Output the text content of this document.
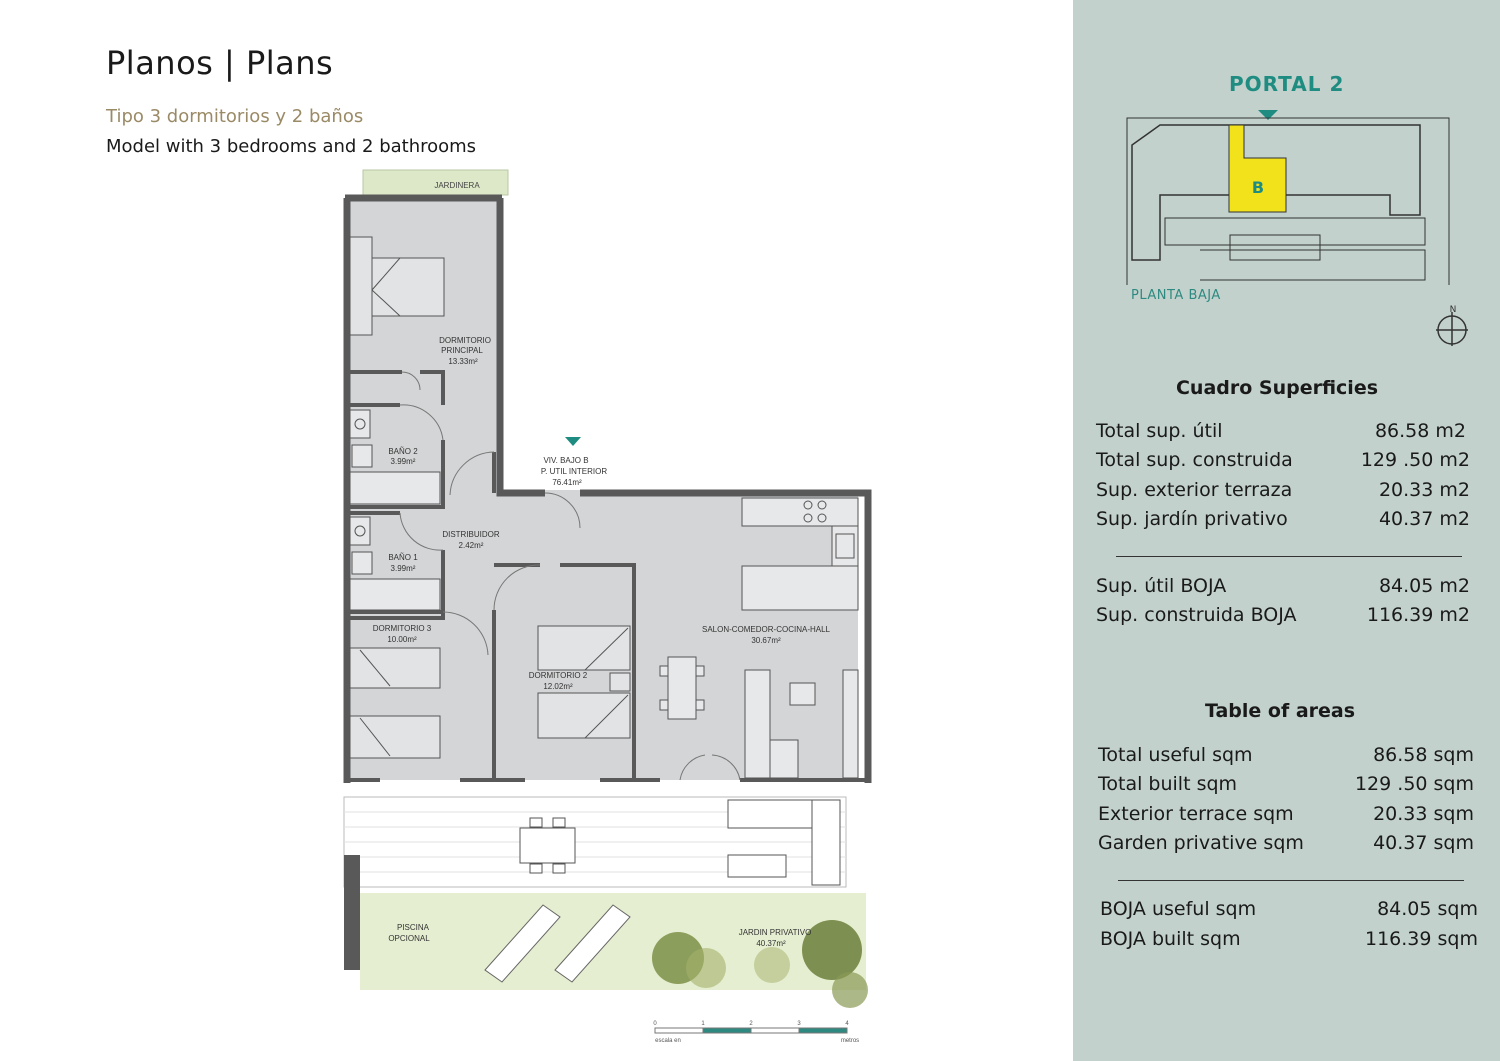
Planos | Plans
Tipo 3 dormitorios y 2 baños
Model with 3 bedrooms and 2 bathrooms
JARDINERA
DORMITORIO
PRINCIPAL
13.33m²
BAÑO 2
3.99m²
BAÑO 1
3.99m²
DISTRIBUIDOR
2.42m²
DORMITORIO 3
10.00m²
DORMITORIO 2
12.02m²
SALON-COMEDOR-COCINA-HALL
30.67m²
VIV. BAJO B
P. UTIL INTERIOR
76.41m²
PISCINA
OPCIONAL
JARDIN PRIVATIVO
40.37m²
0	1	2	3	4
escala en	metros
PORTAL 2
B
PLANTA BAJA
N
Cuadro Superficies
Total sup. útil	86.58 m2
Total sup. construida	129 .50 m2
Sup. exterior terraza	20.33 m2
Sup. jardín privativo	40.37 m2
Sup. útil BOJA	84.05 m2
Sup. construida BOJA	116.39 m2
Table of areas
Total useful sqm	86.58 sqm
Total built sqm	129 .50 sqm
Exterior terrace sqm	20.33 sqm
Garden privative sqm	40.37 sqm
BOJA useful sqm	84.05 sqm
BOJA built sqm	116.39 sqm
